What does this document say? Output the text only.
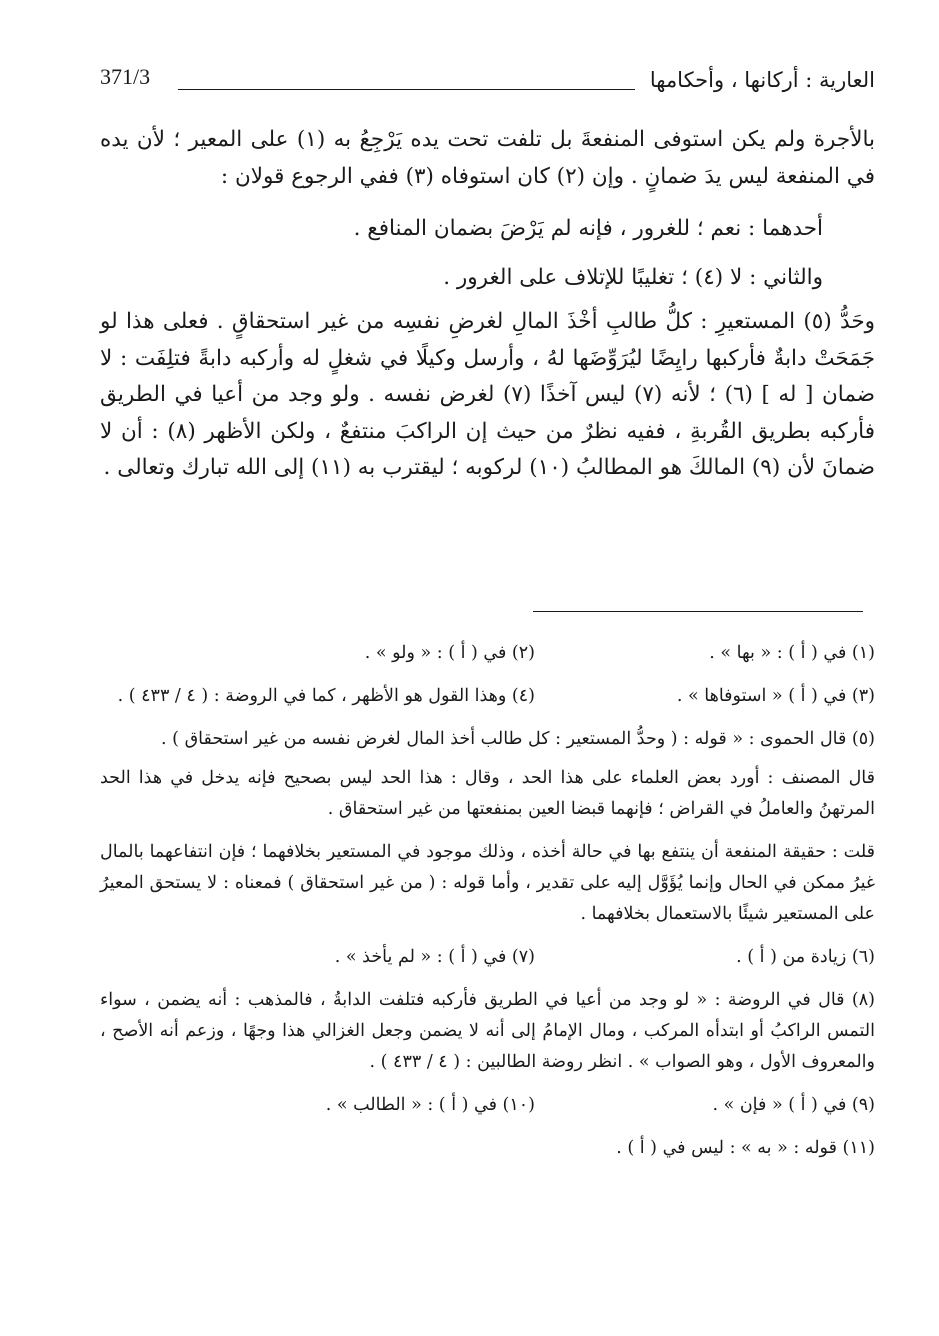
العارية : أركانها ، وأحكامها
371/3

بالأجرة ولم يكن استوفى المنفعةَ بل تلفت تحت يده يَرْجِعُ به (١) على المعير ؛ لأن يده في المنفعة ليس يدَ ضمانٍ . وإن (٢) كان استوفاه (٣) ففي الرجوع قولان :

أحدهما : نعم ؛ للغرور ، فإنه لم يَرْضَ بضمان المنافع .

والثاني : لا (٤) ؛ تغليبًا للإتلاف على الغرور .

وحَدُّ (٥) المستعيرِ : كلُّ طالبِ أخْذَ المالِ لغرضِ نفسِه من غير استحقاقٍ . فعلى هذا لو جَمَحَتْ دابةٌ فأركبها رايِضًا ليُرَوِّضَها لهُ ، وأرسل وكيلًا في شغلٍ له وأركبه دابةً فتلِفَت : لا ضمان [ له ] (٦) ؛ لأنه (٧) ليس آخذًا (٧) لغرض نفسه . ولو وجد من أعيا في الطريق فأركبه بطريق القُربةِ ، ففيه نظرٌ من حيث إن الراكبَ منتفعٌ ، ولكن الأظهر (٨) : أن لا ضمانَ لأن (٩) المالكَ هو المطالبُ (١٠) لركوبه ؛ ليقترب به (١١) إلى الله تبارك وتعالى .

(١) في ( أ ) : « بها » .
(٢) في ( أ ) : « ولو » .
(٣) في ( أ ) « استوفاها » .
(٤) وهذا القول هو الأظهر ، كما في الروضة : ( ٤ / ٤٣٣ ) .

(٥) قال الحموى : « قوله : ( وحدُّ المستعير : كل طالب أخذ المال لغرض نفسه من غير استحقاق ) .

قال المصنف : أورد بعض العلماء على هذا الحد ، وقال : هذا الحد ليس بصحيح فإنه يدخل في هذا الحد المرتهنُ والعاملُ في القراض ؛ فإنهما قبضا العين بمنفعتها من غير استحقاق .

قلت : حقيقة المنفعة أن ينتفع بها في حالة أخذه ، وذلك موجود في المستعير بخلافهما ؛ فإن انتفاعهما بالمال غيرُ ممكن في الحال وإنما يُؤَوَّل إليه على تقدير ، وأما قوله : ( من غير استحقاق ) فمعناه : لا يستحق المعيرُ على المستعير شيئًا بالاستعمال بخلافهما .

(٦) زيادة من ( أ ) .
(٧) في ( أ ) : « لم يأخذ » .

(٨) قال في الروضة : « لو وجد من أعيا في الطريق فأركبه فتلفت الدابةُ ، فالمذهب : أنه يضمن ، سواء التمس الراكبُ أو ابتدأه المركب ، ومال الإمامُ إلى أنه لا يضمن وجعل الغزالي هذا وجهًا ، وزعم أنه الأصح ، والمعروف الأول ، وهو الصواب » . انظر روضة الطالبين : ( ٤ / ٤٣٣ ) .

(٩) في ( أ ) « فإن » .
(١٠) في ( أ ) : « الطالب » .

(١١) قوله : « به » : ليس في ( أ ) .
